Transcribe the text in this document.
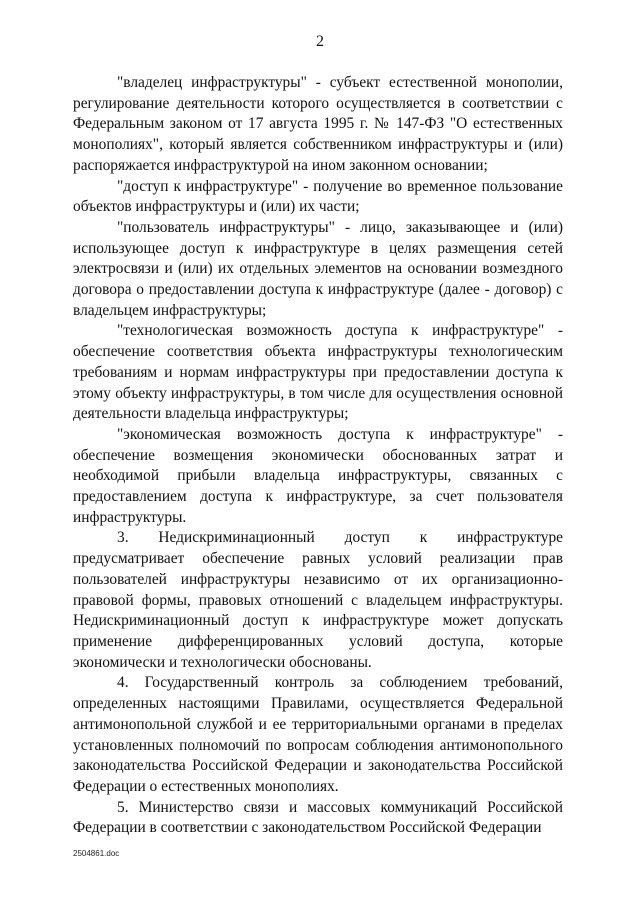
2

"владелец инфраструктуры" - субъект естественной монополии, регулирование деятельности которого осуществляется в соответствии с Федеральным законом от 17 августа 1995 г. № 147-ФЗ "О естественных монополиях", который является собственником инфраструктуры и (или) распоряжается инфраструктурой на ином законном основании;

"доступ к инфраструктуре" - получение во временное пользование объектов инфраструктуры и (или) их части;

"пользователь инфраструктуры" - лицо, заказывающее и (или) использующее доступ к инфраструктуре в целях размещения сетей электросвязи и (или) их отдельных элементов на основании возмездного договора о предоставлении доступа к инфраструктуре (далее - договор) с владельцем инфраструктуры;

"технологическая возможность доступа к инфраструктуре" - обеспечение соответствия объекта инфраструктуры технологическим требованиям и нормам инфраструктуры при предоставлении доступа к этому объекту инфраструктуры, в том числе для осуществления основной деятельности владельца инфраструктуры;

"экономическая возможность доступа к инфраструктуре" - обеспечение возмещения экономически обоснованных затрат и необходимой прибыли владельца инфраструктуры, связанных с предоставлением доступа к инфраструктуре, за счет пользователя инфраструктуры.

3. Недискриминационный доступ к инфраструктуре предусматривает обеспечение равных условий реализации прав пользователей инфраструктуры независимо от их организационно-правовой формы, правовых отношений с владельцем инфраструктуры. Недискриминационный доступ к инфраструктуре может допускать применение дифференцированных условий доступа, которые экономически и технологически обоснованы.

4. Государственный контроль за соблюдением требований, определенных настоящими Правилами, осуществляется Федеральной антимонопольной службой и ее территориальными органами в пределах установленных полномочий по вопросам соблюдения антимонопольного законодательства Российской Федерации и законодательства Российской Федерации о естественных монополиях.

5. Министерство связи и массовых коммуникаций Российской Федерации в соответствии с законодательством Российской Федерации

2504861.doc
